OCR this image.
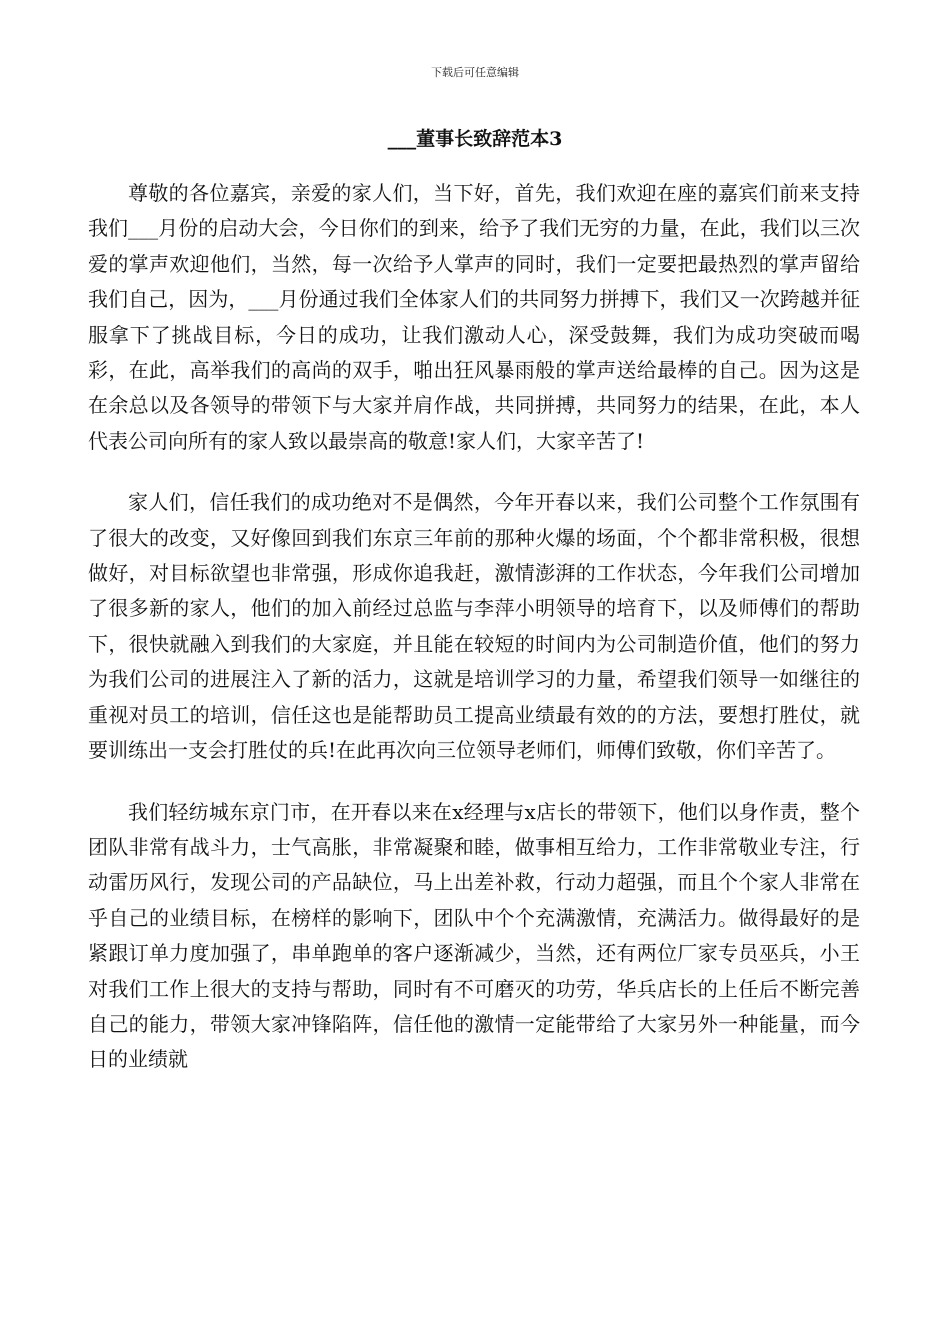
下载后可任意编辑
___董事长致辞范本3

尊敬的各位嘉宾，亲爱的家人们，当下好，首先，我们欢迎在座的嘉宾们前来支持我们___月份的启动大会，今日你们的到来，给予了我们无穷的力量，在此，我们以三次爱的掌声欢迎他们，当然，每一次给予人掌声的同时，我们一定要把最热烈的掌声留给我们自己，因为，___月份通过我们全体家人们的共同努力拼搏下，我们又一次跨越并征服拿下了挑战目标，今日的成功，让我们激动人心，深受鼓舞，我们为成功突破而喝彩，在此，高举我们的高尚的双手，啪出狂风暴雨般的掌声送给最棒的自己。因为这是在余总以及各领导的带领下与大家并肩作战，共同拼搏，共同努力的结果，在此，本人代表公司向所有的家人致以最崇高的敬意!家人们，大家辛苦了!

家人们，信任我们的成功绝对不是偶然，今年开春以来，我们公司整个工作氛围有了很大的改变，又好像回到我们东京三年前的那种火爆的场面，个个都非常积极，很想做好，对目标欲望也非常强，形成你追我赶，激情澎湃的工作状态，今年我们公司增加了很多新的家人，他们的加入前经过总监与李萍小明领导的培育下，以及师傅们的帮助下，很快就融入到我们的大家庭，并且能在较短的时间内为公司制造价值，他们的努力为我们公司的进展注入了新的活力，这就是培训学习的力量，希望我们领导一如继往的重视对员工的培训，信任这也是能帮助员工提高业绩最有效的的方法，要想打胜仗，就要训练出一支会打胜仗的兵!在此再次向三位领导老师们，师傅们致敬，你们辛苦了。

我们轻纺城东京门市，在开春以来在x经理与x店长的带领下，他们以身作责，整个团队非常有战斗力，士气高胀，非常凝聚和睦，做事相互给力，工作非常敬业专注，行动雷历风行，发现公司的产品缺位，马上出差补救，行动力超强，而且个个家人非常在乎自己的业绩目标，在榜样的影响下，团队中个个充满激情，充满活力。做得最好的是紧跟订单力度加强了，串单跑单的客户逐渐减少，当然，还有两位厂家专员巫兵，小王对我们工作上很大的支持与帮助，同时有不可磨灭的功劳，华兵店长的上任后不断完善自己的能力，带领大家冲锋陷阵，信任他的激情一定能带给了大家另外一种能量，而今日的业绩就
